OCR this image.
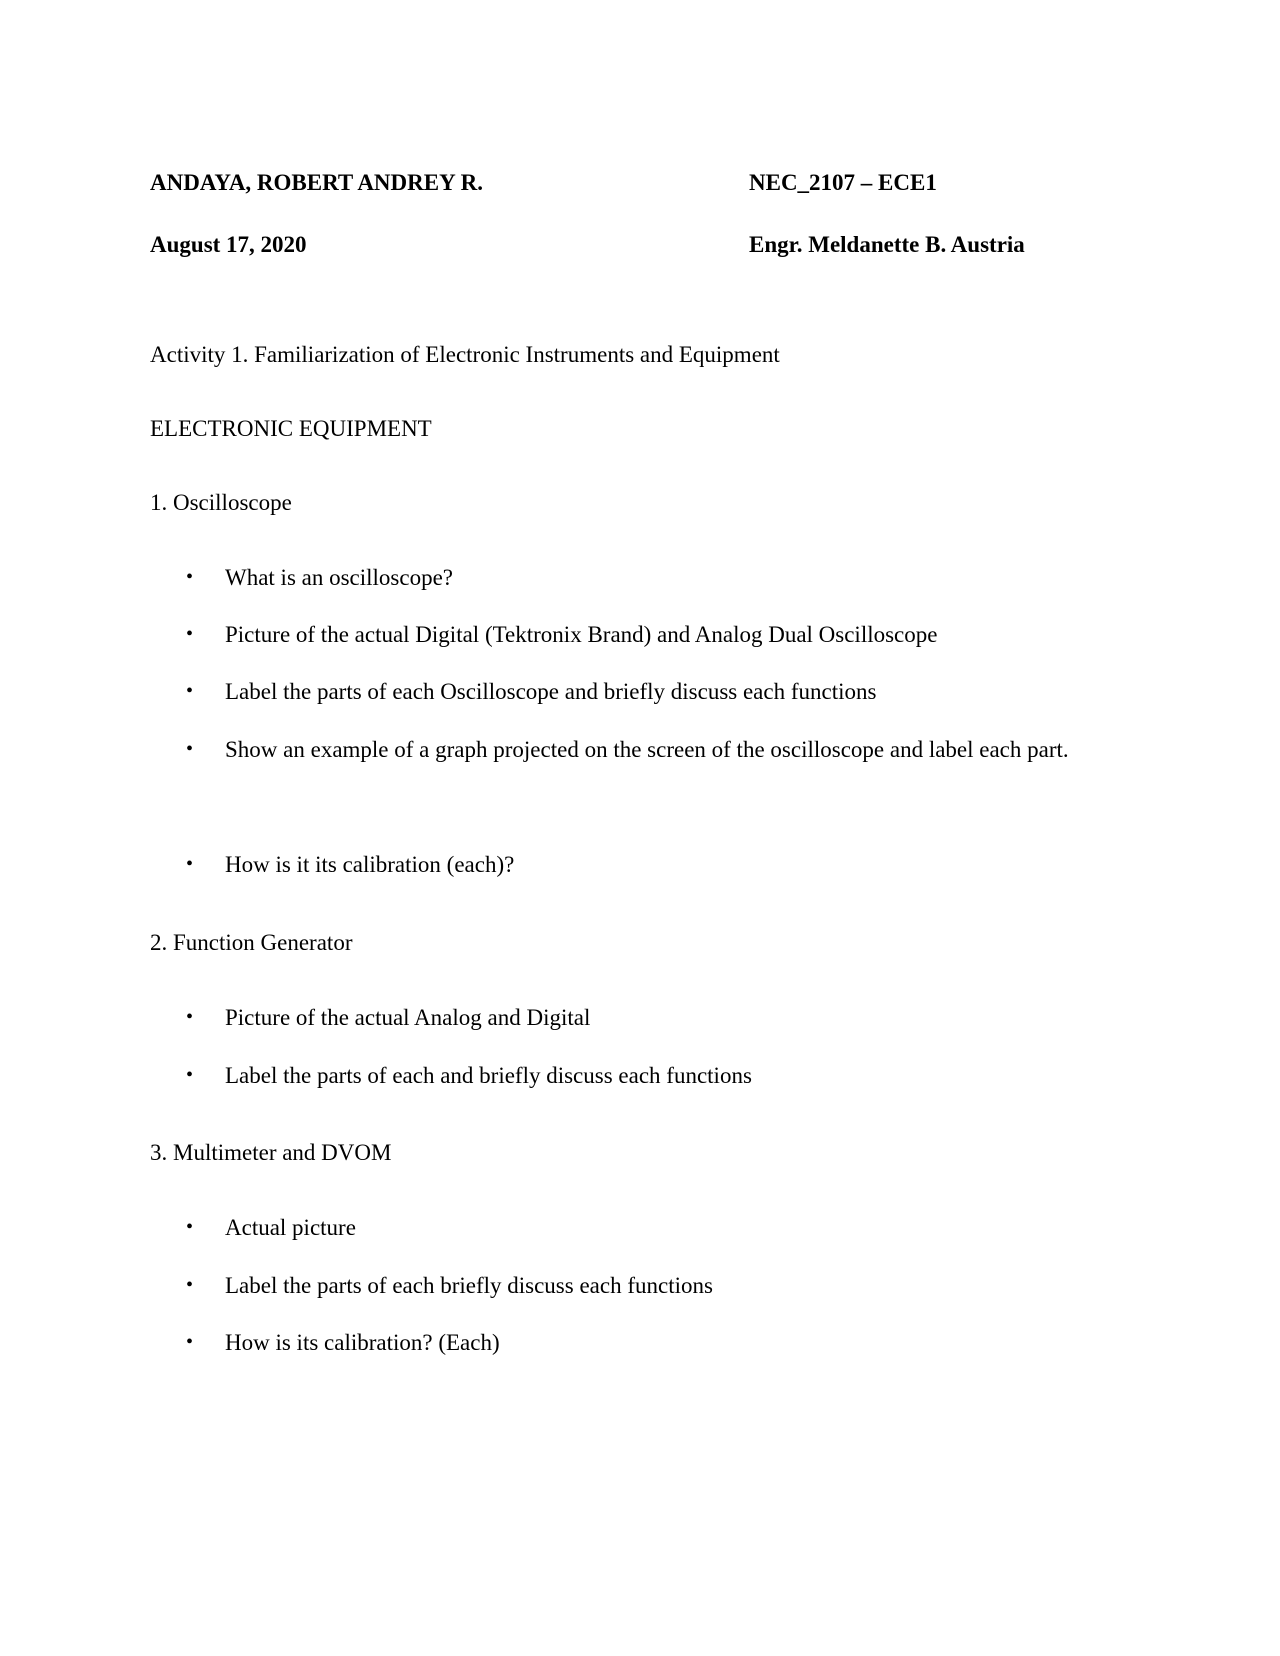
ANDAYA, ROBERT ANDREY R.	NEC_2107 – ECE1
August 17, 2020	Engr. Meldanette B. Austria
Activity 1. Familiarization of Electronic Instruments and Equipment
ELECTRONIC EQUIPMENT
1. Oscilloscope
•	What is an oscilloscope?
•	Picture of the actual Digital (Tektronix Brand) and Analog Dual Oscilloscope
•	Label the parts of each Oscilloscope and briefly discuss each functions
•	Show an example of a graph projected on the screen of the oscilloscope and label each part.
•	How is it its calibration (each)?
2. Function Generator
•	Picture of the actual Analog and Digital
•	Label the parts of each and briefly discuss each functions
3. Multimeter and DVOM
•	Actual picture
•	Label the parts of each briefly discuss each functions
•	How is its calibration? (Each)
